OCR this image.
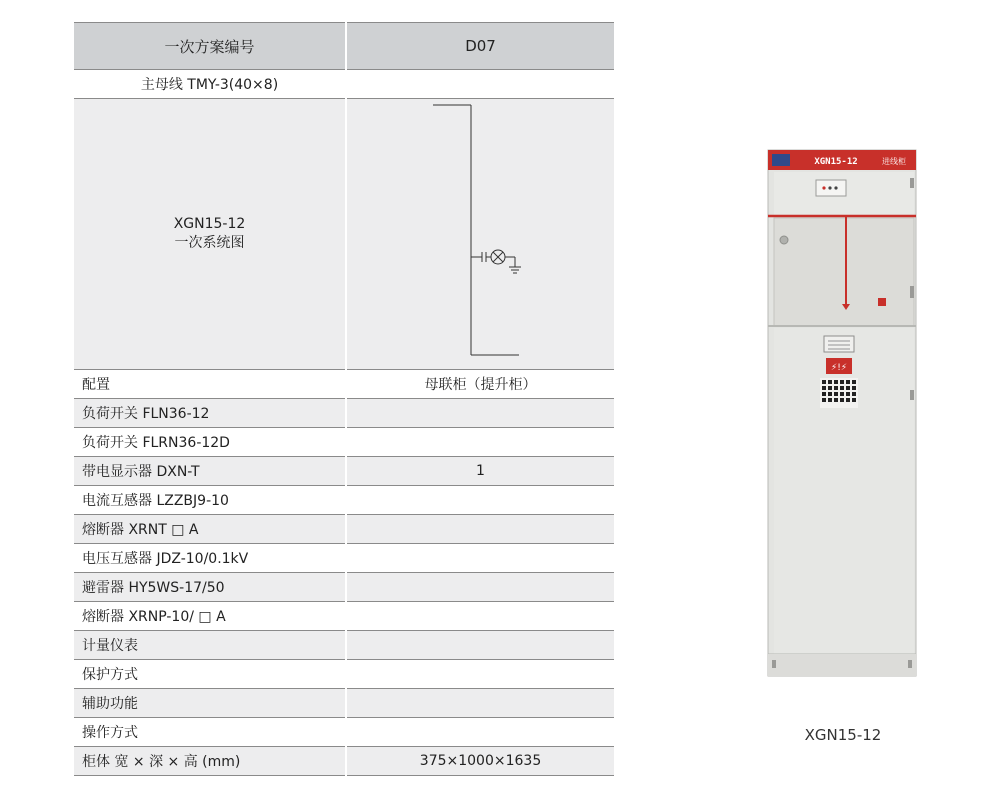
一次方案编号	D07
主母线 TMY-3(40×8)	

XGN15-12
一次系统图

配置	母联柜（提升柜）
负荷开关 FLN36-12	
负荷开关 FLRN36-12D	
带电显示器 DXN-T	1
电流互感器 LZZBJ9-10	
熔断器 XRNT □ A	
电压互感器 JDZ-10/0.1kV	
避雷器 HY5WS-17/50	
熔断器 XRNP-10/ □ A	
计量仪表	
保护方式	
辅助功能	
操作方式	
柜体 宽 × 深 × 高 (mm)	375×1000×1635
XGN15-12	进线柜
⚡!⚡
XGN15-12
